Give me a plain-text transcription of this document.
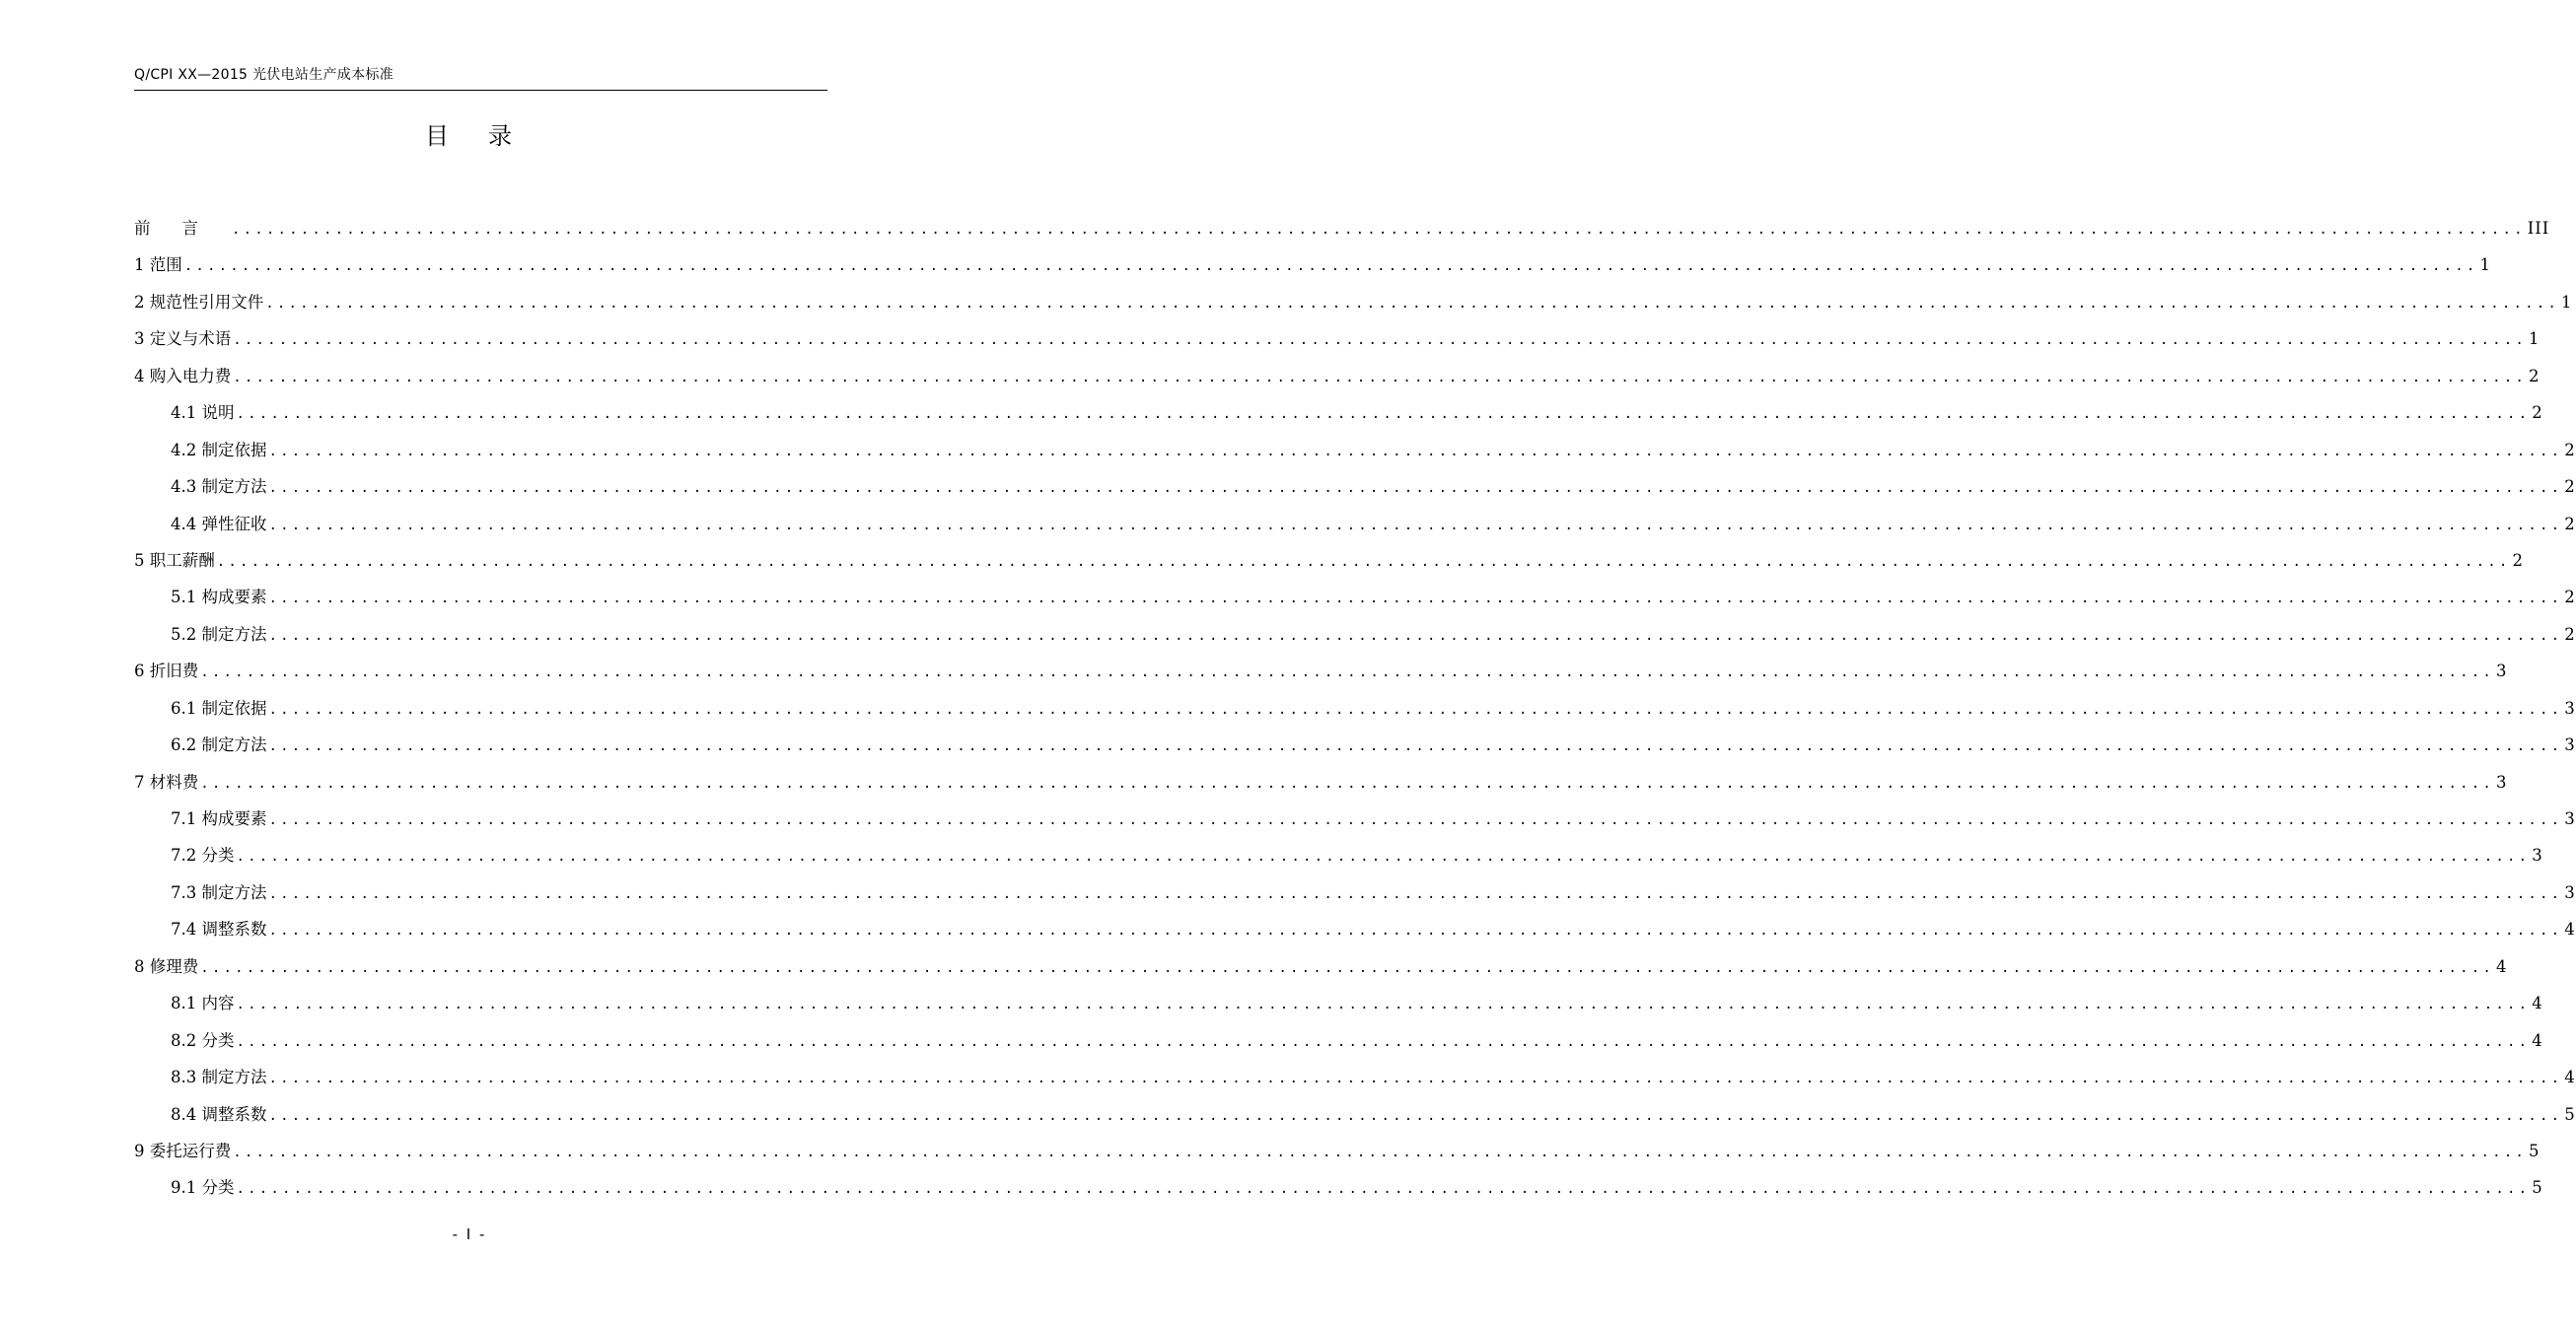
Q/CPI XX—2015 光伏电站生产成本标准
目录
前言 ........................................................................................................................................................................................................ III
1 范围 ........................................................................................................................................................................................................ 1
2 规范性引用文件 ........................................................................................................................................................................................................ 1
3 定义与术语 ........................................................................................................................................................................................................ 1
4 购入电力费 ........................................................................................................................................................................................................ 2
4.1 说明 ........................................................................................................................................................................................................ 2
4.2 制定依据 ........................................................................................................................................................................................................ 2
4.3 制定方法 ........................................................................................................................................................................................................ 2
4.4 弹性征收 ........................................................................................................................................................................................................ 2
5 职工薪酬 ........................................................................................................................................................................................................ 2
5.1 构成要素 ........................................................................................................................................................................................................ 2
5.2 制定方法 ........................................................................................................................................................................................................ 2
6 折旧费 ........................................................................................................................................................................................................ 3
6.1 制定依据 ........................................................................................................................................................................................................ 3
6.2 制定方法 ........................................................................................................................................................................................................ 3
7 材料费 ........................................................................................................................................................................................................ 3
7.1 构成要素 ........................................................................................................................................................................................................ 3
7.2 分类 ........................................................................................................................................................................................................ 3
7.3 制定方法 ........................................................................................................................................................................................................ 3
7.4 调整系数 ........................................................................................................................................................................................................ 4
8 修理费 ........................................................................................................................................................................................................ 4
8.1 内容 ........................................................................................................................................................................................................ 4
8.2 分类 ........................................................................................................................................................................................................ 4
8.3 制定方法 ........................................................................................................................................................................................................ 4
8.4 调整系数 ........................................................................................................................................................................................................ 5
9 委托运行费 ........................................................................................................................................................................................................ 5
9.1 分类 ........................................................................................................................................................................................................ 5
- I -
